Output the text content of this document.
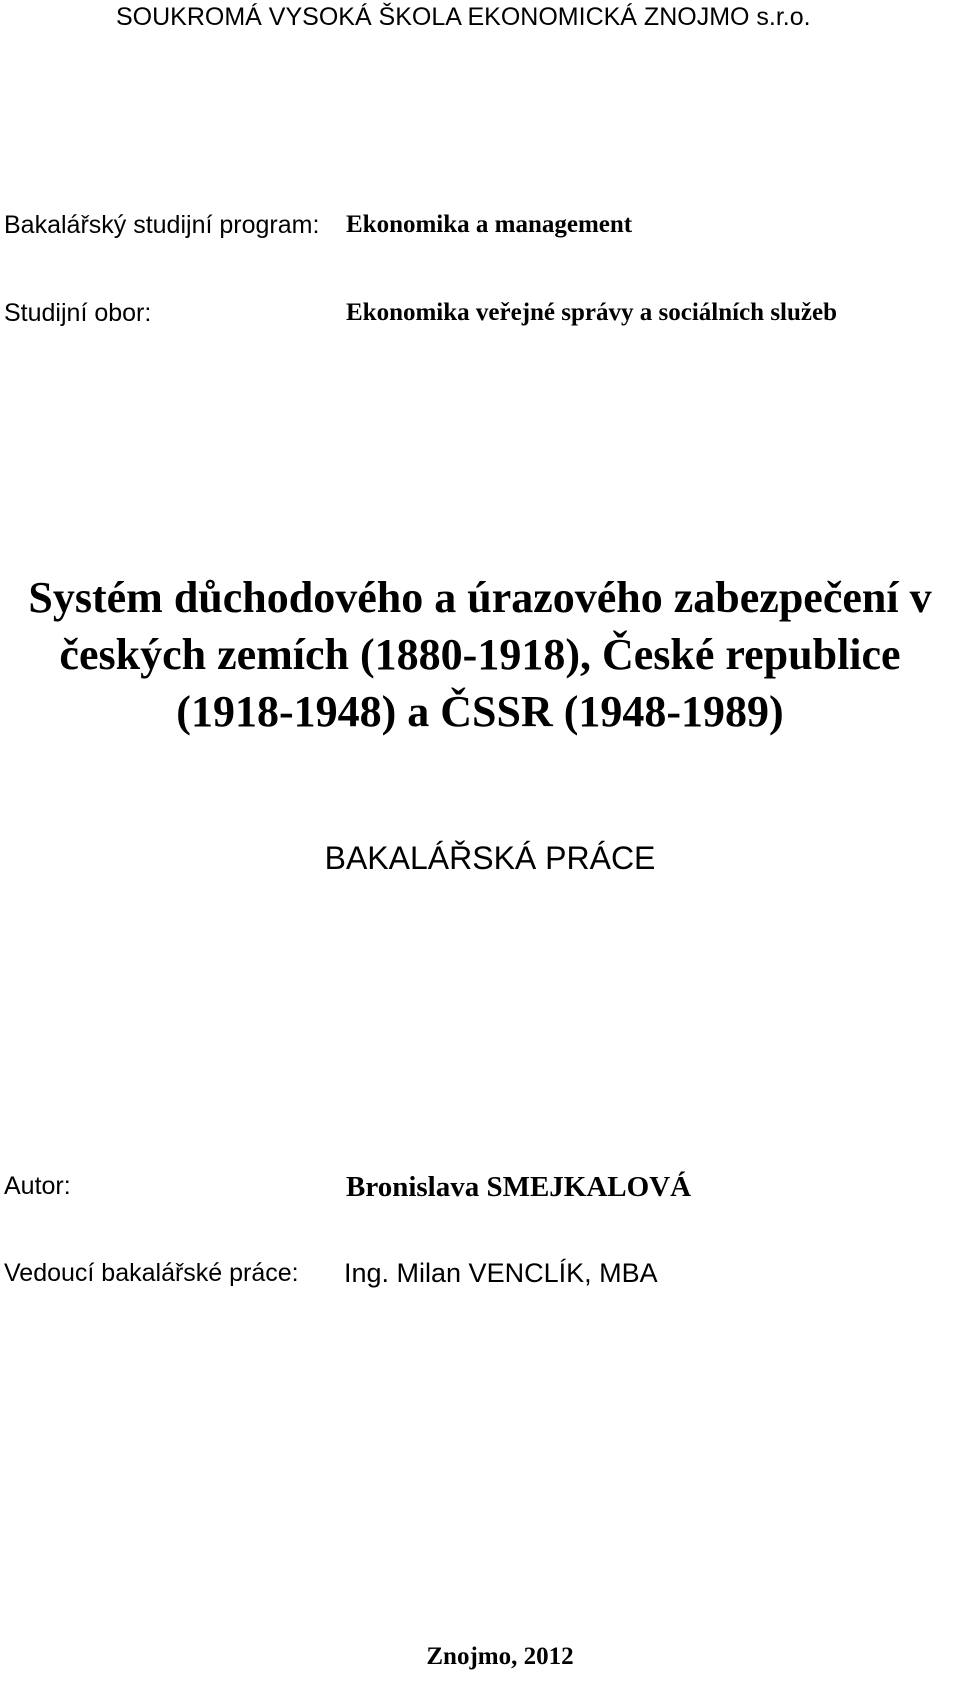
SOUKROMÁ VYSOKÁ ŠKOLA EKONOMICKÁ ZNOJMO s.r.o.
Bakalářský studijní program: Ekonomika a management
Studijní obor:	Ekonomika veřejné správy a sociálních služeb
Systém důchodového a úrazového zabezpečení v
českých zemích (1880-1918), České republice
(1918-1948) a ČSSR (1948-1989)
BAKALÁŘSKÁ PRÁCE
Autor:	Bronislava SMEJKALOVÁ
Vedoucí bakalářské práce: Ing. Milan VENCLÍK, MBA
Znojmo, 2012
